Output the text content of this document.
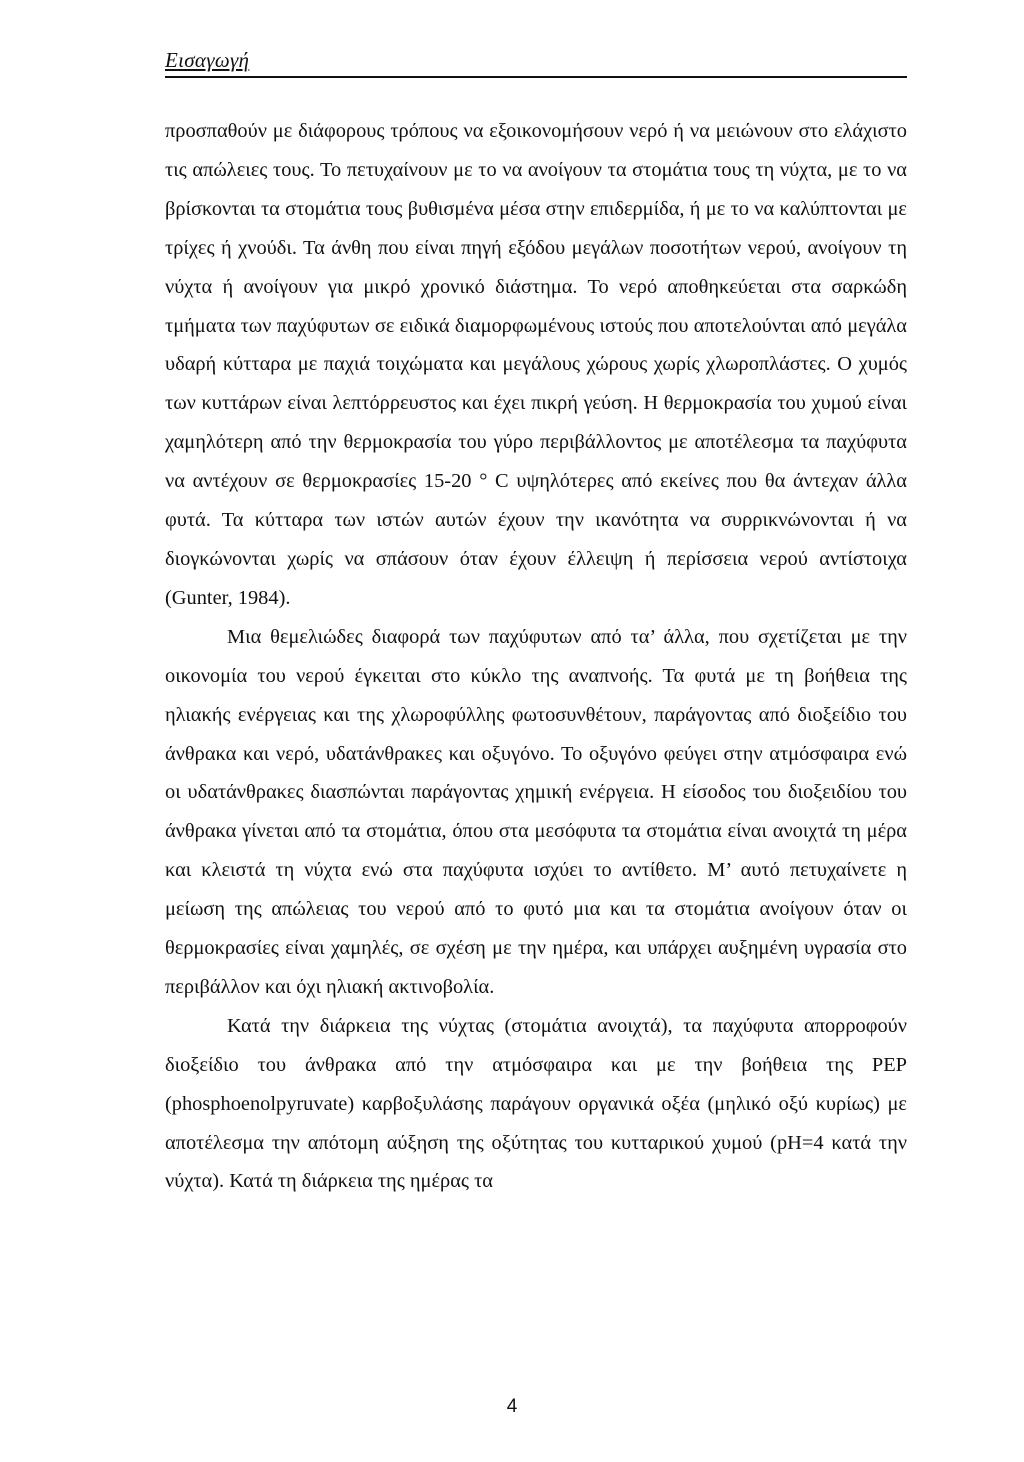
Εισαγωγή

προσπαθούν με διάφορους τρόπους να εξοικονομήσουν νερό ή να μειώνουν στο ελάχιστο τις απώλειες τους. Το πετυχαίνουν με το να ανοίγουν τα στομάτια τους τη νύχτα, με το να βρίσκονται τα στομάτια τους βυθισμένα μέσα στην επιδερμίδα, ή με το να καλύπτονται με τρίχες ή χνούδι. Τα άνθη που είναι πηγή εξόδου μεγάλων ποσοτήτων νερού, ανοίγουν τη νύχτα ή ανοίγουν για μικρό χρονικό διάστημα. Το νερό αποθηκεύεται στα σαρκώδη τμήματα των παχύφυτων σε ειδικά διαμορφωμένους ιστούς που αποτελούνται από μεγάλα υδαρή κύτταρα με παχιά τοιχώματα και μεγάλους χώρους χωρίς χλωροπλάστες. Ο χυμός των κυττάρων είναι λεπτόρρευστος και έχει πικρή γεύση. Η θερμοκρασία του χυμού είναι χαμηλότερη από την θερμοκρασία του γύρο περιβάλλοντος με αποτέλεσμα τα παχύφυτα να αντέχουν σε θερμοκρασίες 15-20 ° C υψηλότερες από εκείνες που θα άντεχαν άλλα φυτά. Τα κύτταρα των ιστών αυτών έχουν την ικανότητα να συρρικνώνονται ή να διογκώνονται χωρίς να σπάσουν όταν έχουν έλλειψη ή περίσσεια νερού αντίστοιχα (Gunter, 1984).

Μια θεμελιώδες διαφορά των παχύφυτων από τα’ άλλα, που σχετίζεται με την οικονομία του νερού έγκειται στο κύκλο της αναπνοής. Τα φυτά με τη βοήθεια της ηλιακής ενέργειας και της χλωροφύλλης φωτοσυνθέτουν, παράγοντας από διοξείδιο του άνθρακα και νερό, υδατάνθρακες και οξυγόνο. Το οξυγόνο φεύγει στην ατμόσφαιρα ενώ οι υδατάνθρακες διασπώνται παράγοντας χημική ενέργεια. Η είσοδος του διοξειδίου του άνθρακα γίνεται από τα στομάτια, όπου στα μεσόφυτα τα στομάτια είναι ανοιχτά τη μέρα και κλειστά τη νύχτα ενώ στα παχύφυτα ισχύει το αντίθετο. Μ’ αυτό πετυχαίνετε η μείωση της απώλειας του νερού από το φυτό μια και τα στομάτια ανοίγουν όταν οι θερμοκρασίες είναι χαμηλές, σε σχέση με την ημέρα, και υπάρχει αυξημένη υγρασία στο περιβάλλον και όχι ηλιακή ακτινοβολία.

Κατά την διάρκεια της νύχτας (στομάτια ανοιχτά), τα παχύφυτα απορροφούν διοξείδιο του άνθρακα από την ατμόσφαιρα και με την βοήθεια της PEP (phosphoenolpyruvate) καρβοξυλάσης παράγουν οργανικά οξέα (μηλικό οξύ κυρίως) με αποτέλεσμα την απότομη αύξηση της οξύτητας του κυτταρικού χυμού (pH=4 κατά την νύχτα). Κατά τη διάρκεια της ημέρας τα

4
